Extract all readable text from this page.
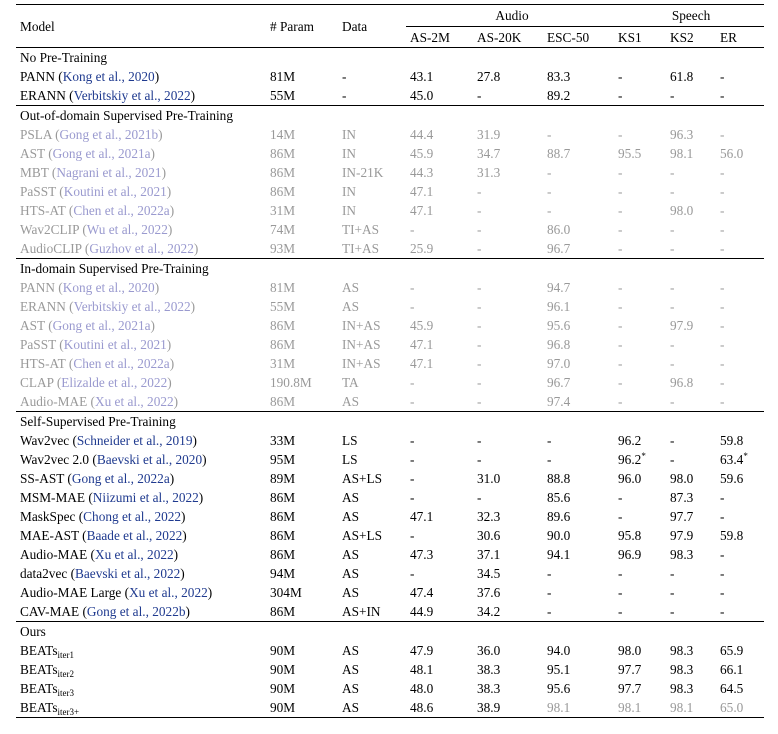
Model	# Param	Data	Audio			Speech		
			AS-2M	AS-20K	ESC-50	KS1	KS2	ER
No Pre-Training								
PANN (Kong et al., 2020)	81M	-	43.1	27.8	83.3	-	61.8	-
ERANN (Verbitskiy et al., 2022)	55M	-	45.0	-	89.2	-	-	-
Out-of-domain Supervised Pre-Training								
PSLA (Gong et al., 2021b)	14M	IN	44.4	31.9	-	-	96.3	-
AST (Gong et al., 2021a)	86M	IN	45.9	34.7	88.7	95.5	98.1	56.0
MBT (Nagrani et al., 2021)	86M	IN-21K	44.3	31.3	-	-	-	-
PaSST (Koutini et al., 2021)	86M	IN	47.1	-	-	-	-	-
HTS-AT (Chen et al., 2022a)	31M	IN	47.1	-	-	-	98.0	-
Wav2CLIP (Wu et al., 2022)	74M	TI+AS	-	-	86.0	-	-	-
AudioCLIP (Guzhov et al., 2022)	93M	TI+AS	25.9	-	96.7	-	-	-
In-domain Supervised Pre-Training								
PANN (Kong et al., 2020)	81M	AS	-	-	94.7	-	-	-
ERANN (Verbitskiy et al., 2022)	55M	AS	-	-	96.1	-	-	-
AST (Gong et al., 2021a)	86M	IN+AS	45.9	-	95.6	-	97.9	-
PaSST (Koutini et al., 2021)	86M	IN+AS	47.1	-	96.8	-	-	-
HTS-AT (Chen et al., 2022a)	31M	IN+AS	47.1	-	97.0	-	-	-
CLAP (Elizalde et al., 2022)	190.8M	TA	-	-	96.7	-	96.8	-
Audio-MAE (Xu et al., 2022)	86M	AS	-	-	97.4	-	-	-
Self-Supervised Pre-Training								
Wav2vec (Schneider et al., 2019)	33M	LS	-	-	-	96.2	-	59.8
Wav2vec 2.0 (Baevski et al., 2020)	95M	LS	-	-	-	96.2*	-	63.4*
SS-AST (Gong et al., 2022a)	89M	AS+LS	-	31.0	88.8	96.0	98.0	59.6
MSM-MAE (Niizumi et al., 2022)	86M	AS	-	-	85.6	-	87.3	-
MaskSpec (Chong et al., 2022)	86M	AS	47.1	32.3	89.6	-	97.7	-
MAE-AST (Baade et al., 2022)	86M	AS+LS	-	30.6	90.0	95.8	97.9	59.8
Audio-MAE (Xu et al., 2022)	86M	AS	47.3	37.1	94.1	96.9	98.3	-
data2vec (Baevski et al., 2022)	94M	AS	-	34.5	-	-	-	-
Audio-MAE Large (Xu et al., 2022)	304M	AS	47.4	37.6	-	-	-	-
CAV-MAE (Gong et al., 2022b)	86M	AS+IN	44.9	34.2	-	-	-	-
Ours								
BEATs$_{iter1}$	90M	AS	47.9	36.0	94.0	98.0	98.3	65.9
BEATs$_{iter2}$	90M	AS	48.1	38.3	95.1	97.7	98.3	66.1
BEATs$_{iter3}$	90M	AS	48.0	38.3	95.6	97.7	98.3	64.5
BEATs$_{iter3+}$	90M	AS	48.6	38.9	98.1	98.1	98.1	65.0
